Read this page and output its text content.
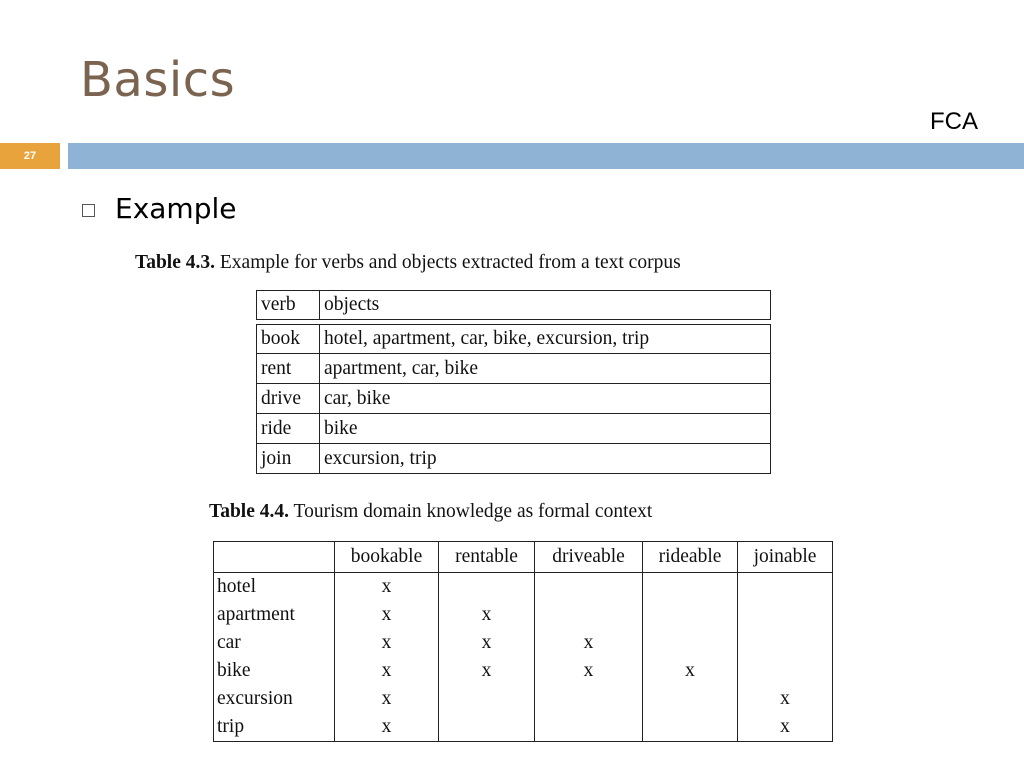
Basics
FCA
27
Example
Table 4.3. Example for verbs and objects extracted from a text corpus
verb	objects
book	hotel, apartment, car, bike, excursion, trip
rent	apartment, car, bike
drive	car, bike
ride	bike
join	excursion, trip
Table 4.4. Tourism domain knowledge as formal context
	bookable	rentable	driveable	rideable	joinable
hotel	x				
apartment	x	x			
car	x	x	x		
bike	x	x	x	x	
excursion	x				x
trip	x				x
